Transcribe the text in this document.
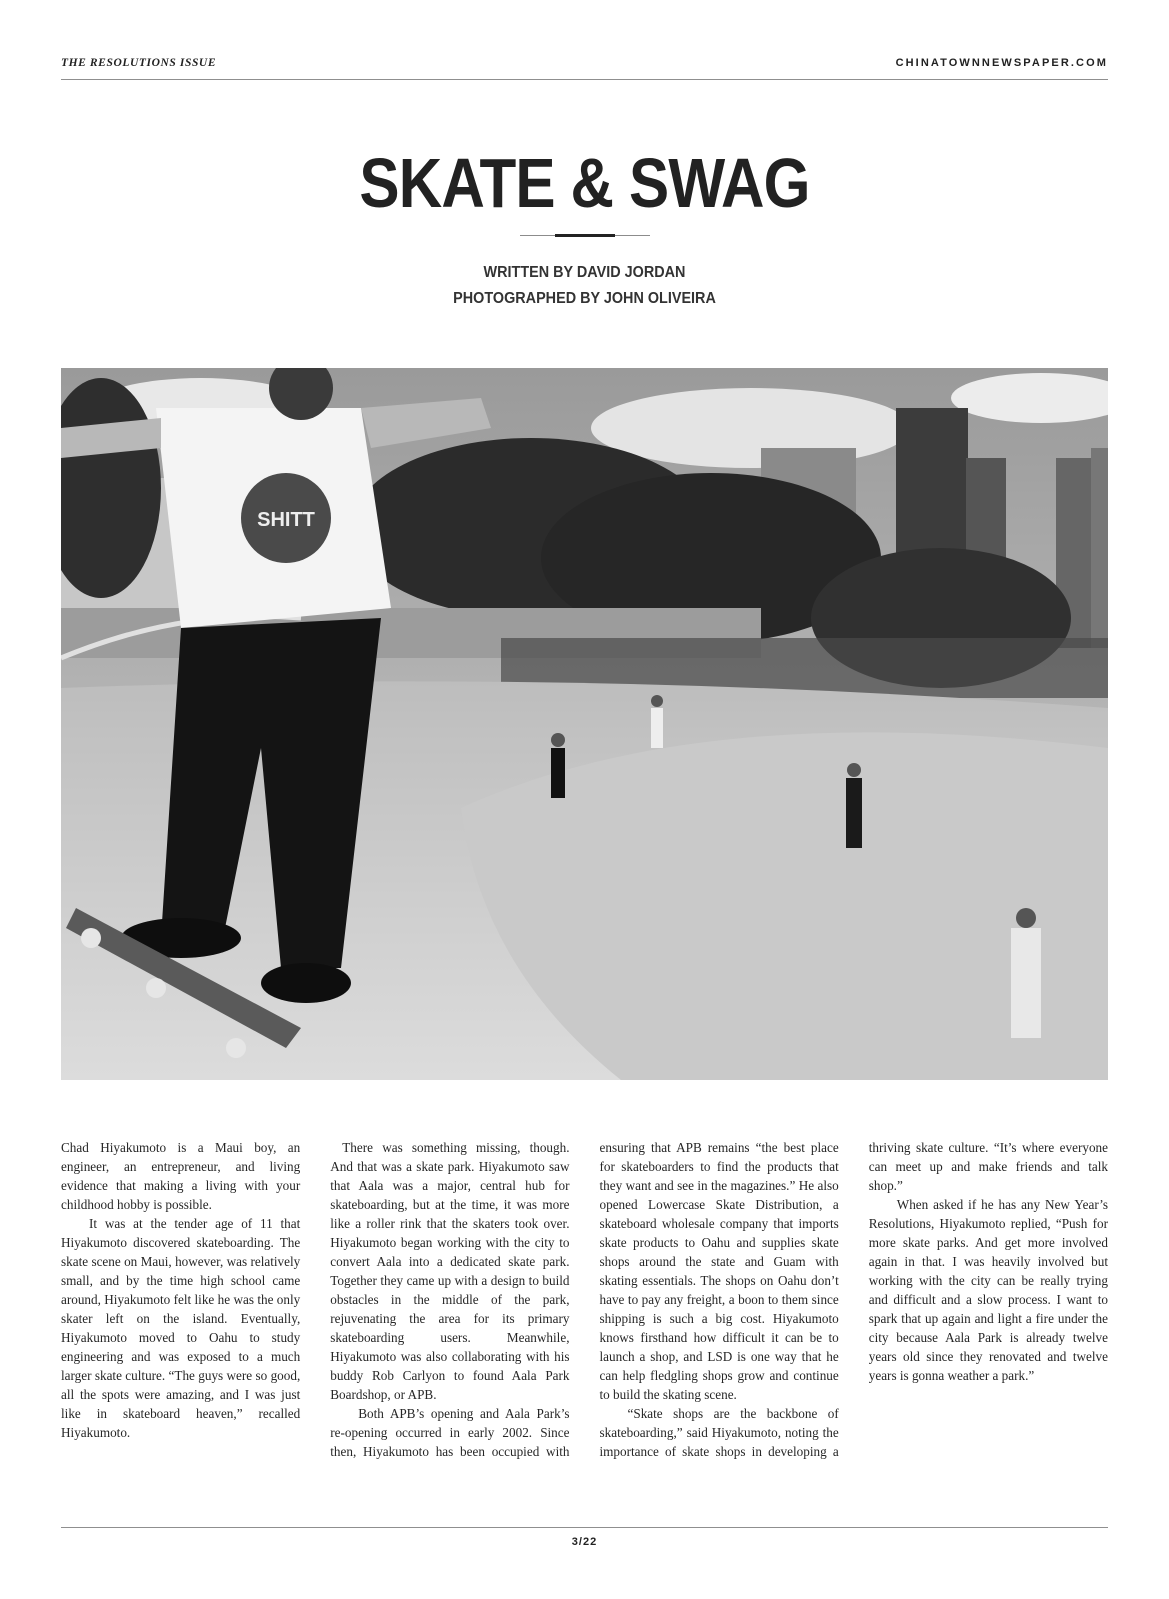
THE RESOLUTIONS ISSUE	CHINATOWNNEWSPAPER.COM
SKATE & SWAG
WRITTEN BY DAVID JORDAN
PHOTOGRAPHED BY JOHN OLIVEIRA
SHITT

Chad Hiyakumoto is a Maui boy, an engineer, an entrepreneur, and living evidence that making a living with your childhood hobby is possible.

It was at the tender age of 11 that Hiyakumoto discovered skateboarding. The skate scene on Maui, however, was relatively small, and by the time high school came around, Hiyakumoto felt like he was the only skater left on the island. Eventually, Hiyakumoto moved to Oahu to study engineering and was exposed to a much larger skate culture. “The guys were so good, all the spots were amazing, and I was just like in skateboard heaven,” recalled Hiyakumoto.

There was something missing, though. And that was a skate park. Hiyakumoto saw that Aala was a major, central hub for skateboarding, but at the time, it was more like a roller rink that the skaters took over. Hiyakumoto began working with the city to convert Aala into a dedicated skate park. Together they came up with a design to build obstacles in the middle of the park, rejuvenating the area for its primary skateboarding users. Meanwhile, Hiyakumoto was also collaborating with his buddy Rob Carlyon to found Aala Park Boardshop, or APB.

Both APB’s opening and Aala Park’s re-opening occurred in early 2002. Since then, Hiyakumoto has been occupied with ensuring that APB remains “the best place for skateboarders to find the products that they want and see in the magazines.” He also opened Lowercase Skate Distribution, a skateboard wholesale company that imports skate products to Oahu and supplies skate shops around the state and Guam with skating essentials. The shops on Oahu don’t have to pay any freight, a boon to them since shipping is such a big cost. Hiyakumoto knows firsthand how difficult it can be to launch a shop, and LSD is one way that he can help fledgling shops grow and continue to build the skating scene.

“Skate shops are the backbone of skateboarding,” said Hiyakumoto, noting the importance of skate shops in developing a thriving skate culture. “It’s where everyone can meet up and make friends and talk shop.”

When asked if he has any New Year’s Resolutions, Hiyakumoto replied, “Push for more skate parks. And get more involved again in that. I was heavily involved but working with the city can be really trying and difficult and a slow process. I want to spark that up again and light a fire under the city because Aala Park is already twelve years old since they renovated and twelve years is gonna weather a park.”

3/22
